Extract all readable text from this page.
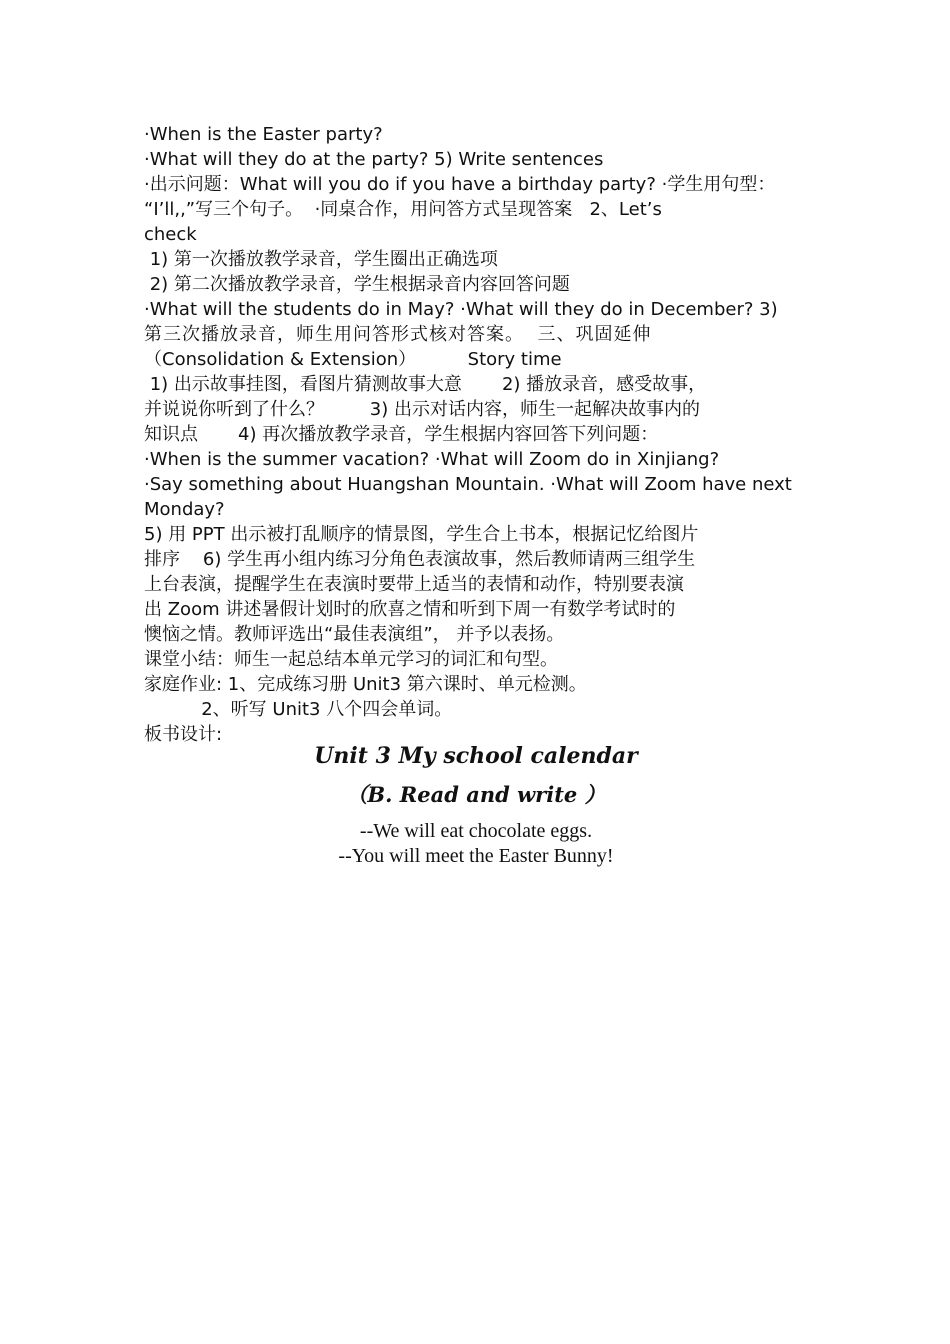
·When is the Easter party?

·What will they do at the party? 5) Write sentences

·出示问题：What will you do if you have a birthday party? ·学生用句型：

“I’ll,,”写三个句子。  ·同桌合作，用问答方式呈现答案   2、Let’s

check

1) 第一次播放教学录音，学生圈出正确选项

2) 第二次播放教学录音，学生根据录音内容回答问题

·What will the students do in May? ·What will they do in December? 3)

第三次播放录音，师生用问答形式核对答案。  三、巩固延伸

（Consolidation & Extension）         Story time

1) 出示故事挂图，看图片猜测故事大意       2) 播放录音，感受故事，

并说说你听到了什么？        3) 出示对话内容，师生一起解决故事内的

知识点       4) 再次播放教学录音，学生根据内容回答下列问题：

·When is the summer vacation? ·What will Zoom do in Xinjiang?

·Say something about Huangshan Mountain. ·What will Zoom have next

Monday?

5) 用 PPT 出示被打乱顺序的情景图，学生合上书本，根据记忆给图片

排序    6) 学生再小组内练习分角色表演故事，然后教师请两三组学生

上台表演，提醒学生在表演时要带上适当的表情和动作，特别要表演

出 Zoom 讲述暑假计划时的欣喜之情和听到下周一有数学考试时的

懊恼之情。教师评选出“最佳表演组”， 并予以表扬。

课堂小结：师生一起总结本单元学习的词汇和句型。

家庭作业: 1、完成练习册 Unit3 第六课时、单元检测。

2、听写 Unit3 八个四会单词。

板书设计:

Unit 3 My school calendar

（B. Read and write ）

--We will eat chocolate eggs.

--You will meet the Easter Bunny!
